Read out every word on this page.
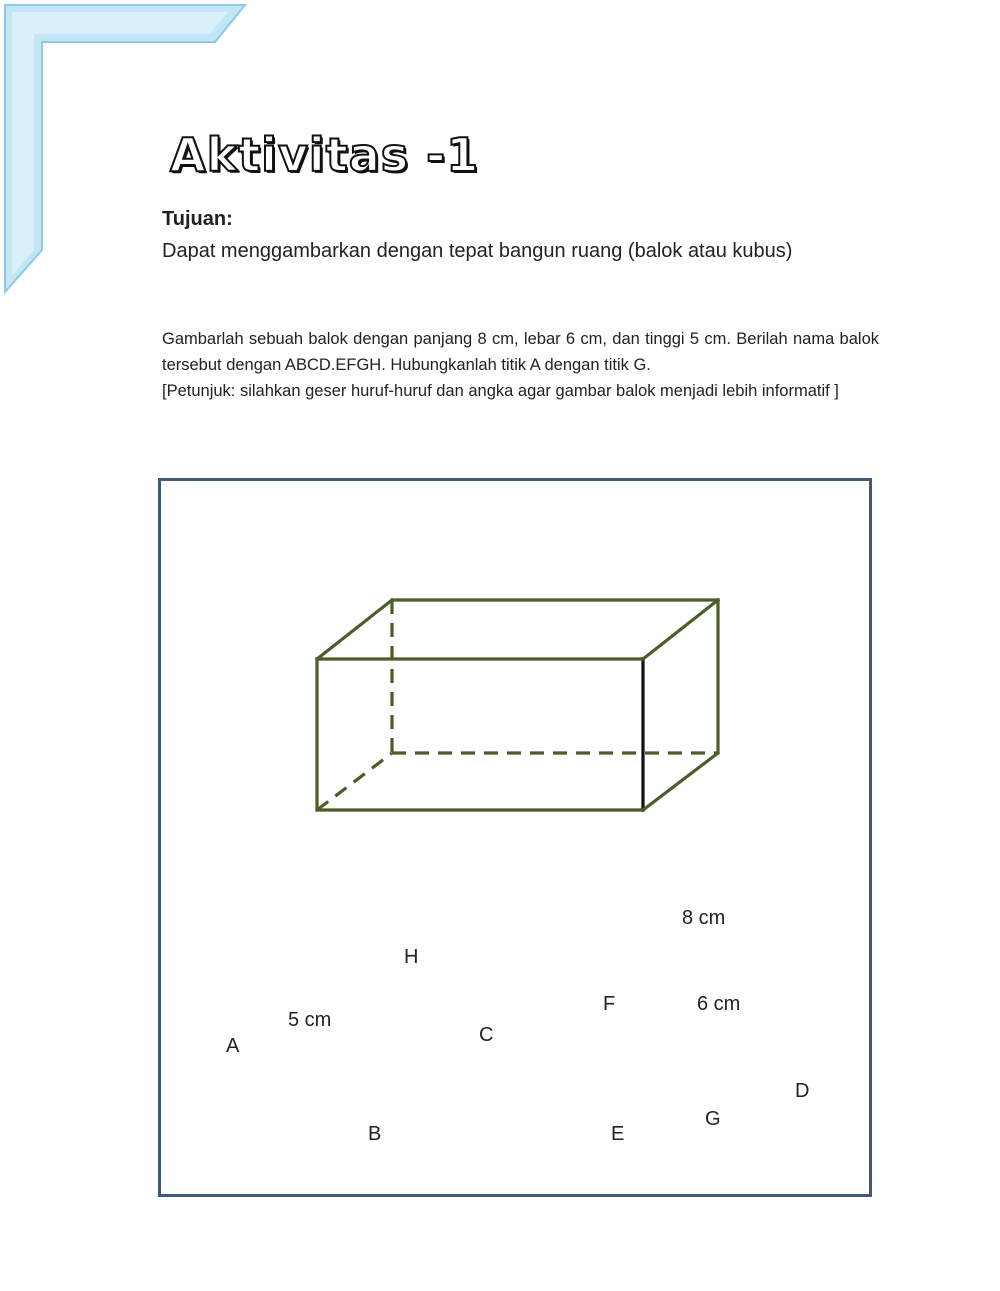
Aktivitas -1
Tujuan:
Dapat menggambarkan dengan tepat bangun ruang (balok atau kubus)

Gambarlah sebuah balok dengan panjang 8 cm, lebar 6 cm, dan tinggi 5 cm. Berilah nama balok tersebut dengan ABCD.EFGH. Hubungkanlah titik A dengan titik G.

[Petunjuk: silahkan geser huruf-huruf dan angka agar gambar balok menjadi lebih informatif ]

8 cm
H
F	6 cm
5 cm
C
A
D
G
B	E
